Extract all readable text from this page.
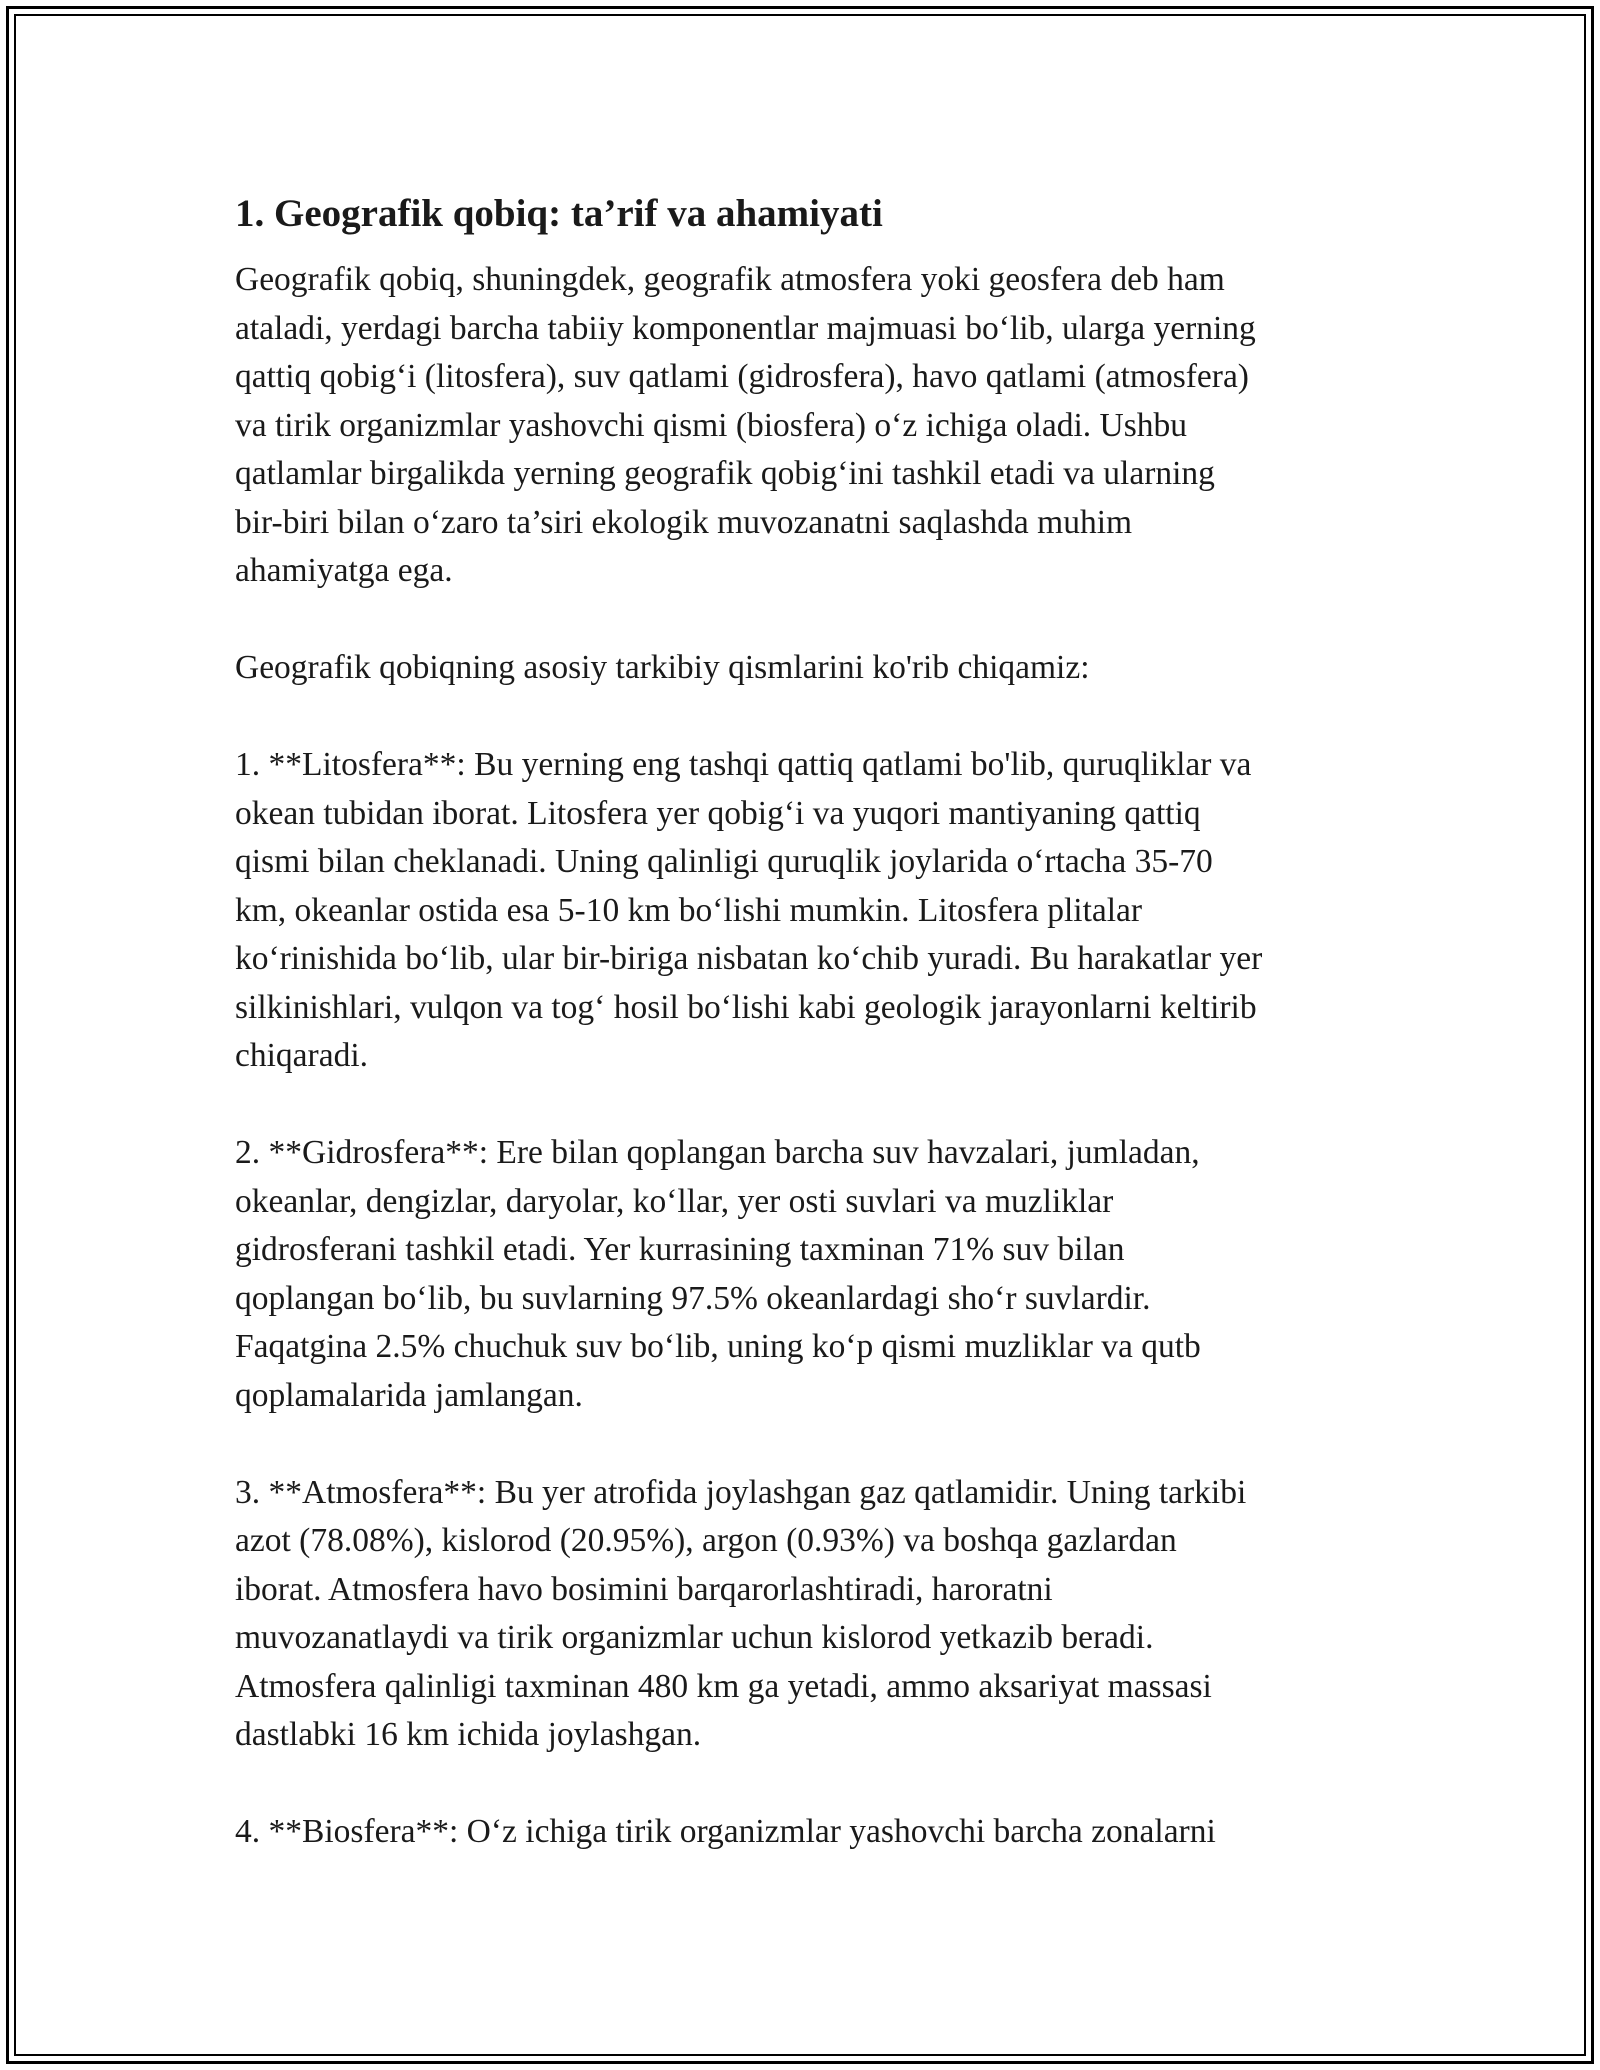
1. Geografik qobiq: ta’rif va ahamiyati

Geografik qobiq, shuningdek, geografik atmosfera yoki geosfera deb ham
ataladi, yerdagi barcha tabiiy komponentlar majmuasi bo‘lib, ularga yerning
qattiq qobig‘i (litosfera), suv qatlami (gidrosfera), havo qatlami (atmosfera)
va tirik organizmlar yashovchi qismi (biosfera) o‘z ichiga oladi. Ushbu
qatlamlar birgalikda yerning geografik qobig‘ini tashkil etadi va ularning
bir-biri bilan o‘zaro ta’siri ekologik muvozanatni saqlashda muhim
ahamiyatga ega.

Geografik qobiqning asosiy tarkibiy qismlarini ko'rib chiqamiz:

1. **Litosfera**: Bu yerning eng tashqi qattiq qatlami bo'lib, quruqliklar va
okean tubidan iborat. Litosfera yer qobig‘i va yuqori mantiyaning qattiq
qismi bilan cheklanadi. Uning qalinligi quruqlik joylarida o‘rtacha 35-70
km, okeanlar ostida esa 5-10 km bo‘lishi mumkin. Litosfera plitalar
ko‘rinishida bo‘lib, ular bir-biriga nisbatan ko‘chib yuradi. Bu harakatlar yer
silkinishlari, vulqon va tog‘ hosil bo‘lishi kabi geologik jarayonlarni keltirib
chiqaradi.

2. **Gidrosfera**: Ere bilan qoplangan barcha suv havzalari, jumladan,
okeanlar, dengizlar, daryolar, ko‘llar, yer osti suvlari va muzliklar
gidrosferani tashkil etadi. Yer kurrasining taxminan 71% suv bilan
qoplangan bo‘lib, bu suvlarning 97.5% okeanlardagi sho‘r suvlardir.
Faqatgina 2.5% chuchuk suv bo‘lib, uning ko‘p qismi muzliklar va qutb
qoplamalarida jamlangan.

3. **Atmosfera**: Bu yer atrofida joylashgan gaz qatlamidir. Uning tarkibi
azot (78.08%), kislorod (20.95%), argon (0.93%) va boshqa gazlardan
iborat. Atmosfera havo bosimini barqarorlashtiradi, haroratni
muvozanatlaydi va tirik organizmlar uchun kislorod yetkazib beradi.
Atmosfera qalinligi taxminan 480 km ga yetadi, ammo aksariyat massasi
dastlabki 16 km ichida joylashgan.

4. **Biosfera**: O‘z ichiga tirik organizmlar yashovchi barcha zonalarni
